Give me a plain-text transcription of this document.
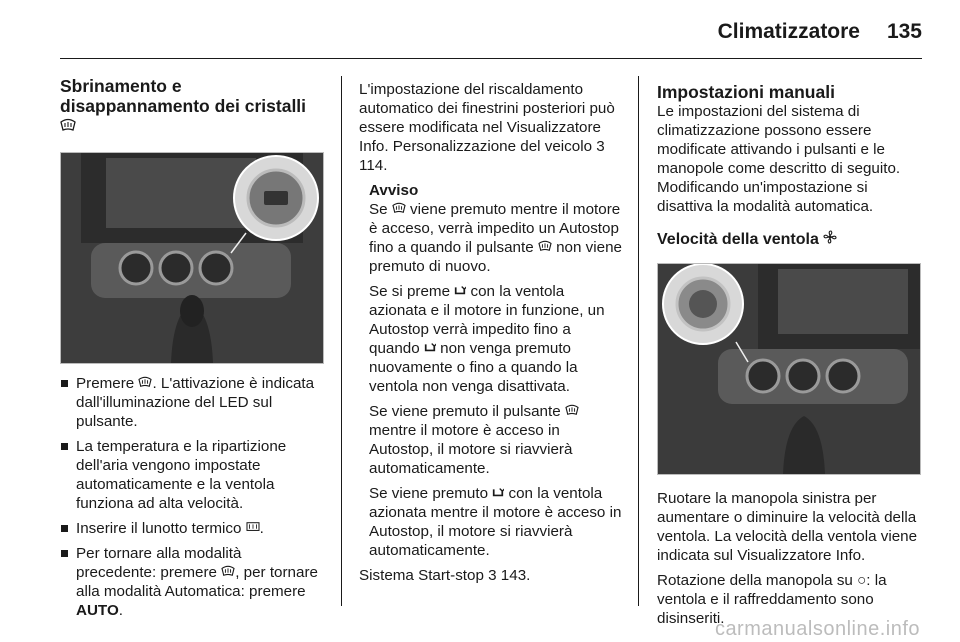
Climatizzatore	135
Sbrinamento e disappannamento dei cristalli
Premere . L'attivazione è indicata dall'illuminazione del LED sul pulsante.
La temperatura e la ripartizione dell'aria vengono impostate automaticamente e la ventola funziona ad alta velocità.
Inserire il lunotto termico .
Per tornare alla modalità precedente: premere , per tornare alla modalità Automatica: premere AUTO.

L'impostazione del riscaldamento automatico dei finestrini posteriori può essere modificata nel Visualizzatore Info. Personalizzazione del veicolo 3 114.

Avviso

Se  viene premuto mentre il motore è acceso, verrà impedito un Autostop fino a quando il pulsante  non viene premuto di nuovo.

Se si preme  con la ventola azionata e il motore in funzione, un Autostop verrà impedito fino a quando  non venga premuto nuovamente o fino a quando la ventola non venga disattivata.

Se viene premuto il pulsante  mentre il motore è acceso in Autostop, il motore si riavvierà automaticamente.

Se viene premuto  con la ventola azionata mentre il motore è acceso in Autostop, il motore si riavvierà automaticamente.

Sistema Start-stop 3 143.

Impostazioni manuali

Le impostazioni del sistema di climatizzazione possono essere modificate attivando i pulsanti e le manopole come descritto di seguito. Modificando un'impostazione si disattiva la modalità automatica.

Velocità della ventola

Ruotare la manopola sinistra per aumentare o diminuire la velocità della ventola. La velocità della ventola viene indicata sul Visualizzatore Info.

Rotazione della manopola su ○: la ventola e il raffreddamento sono disinseriti.

carmanualsonline.info
